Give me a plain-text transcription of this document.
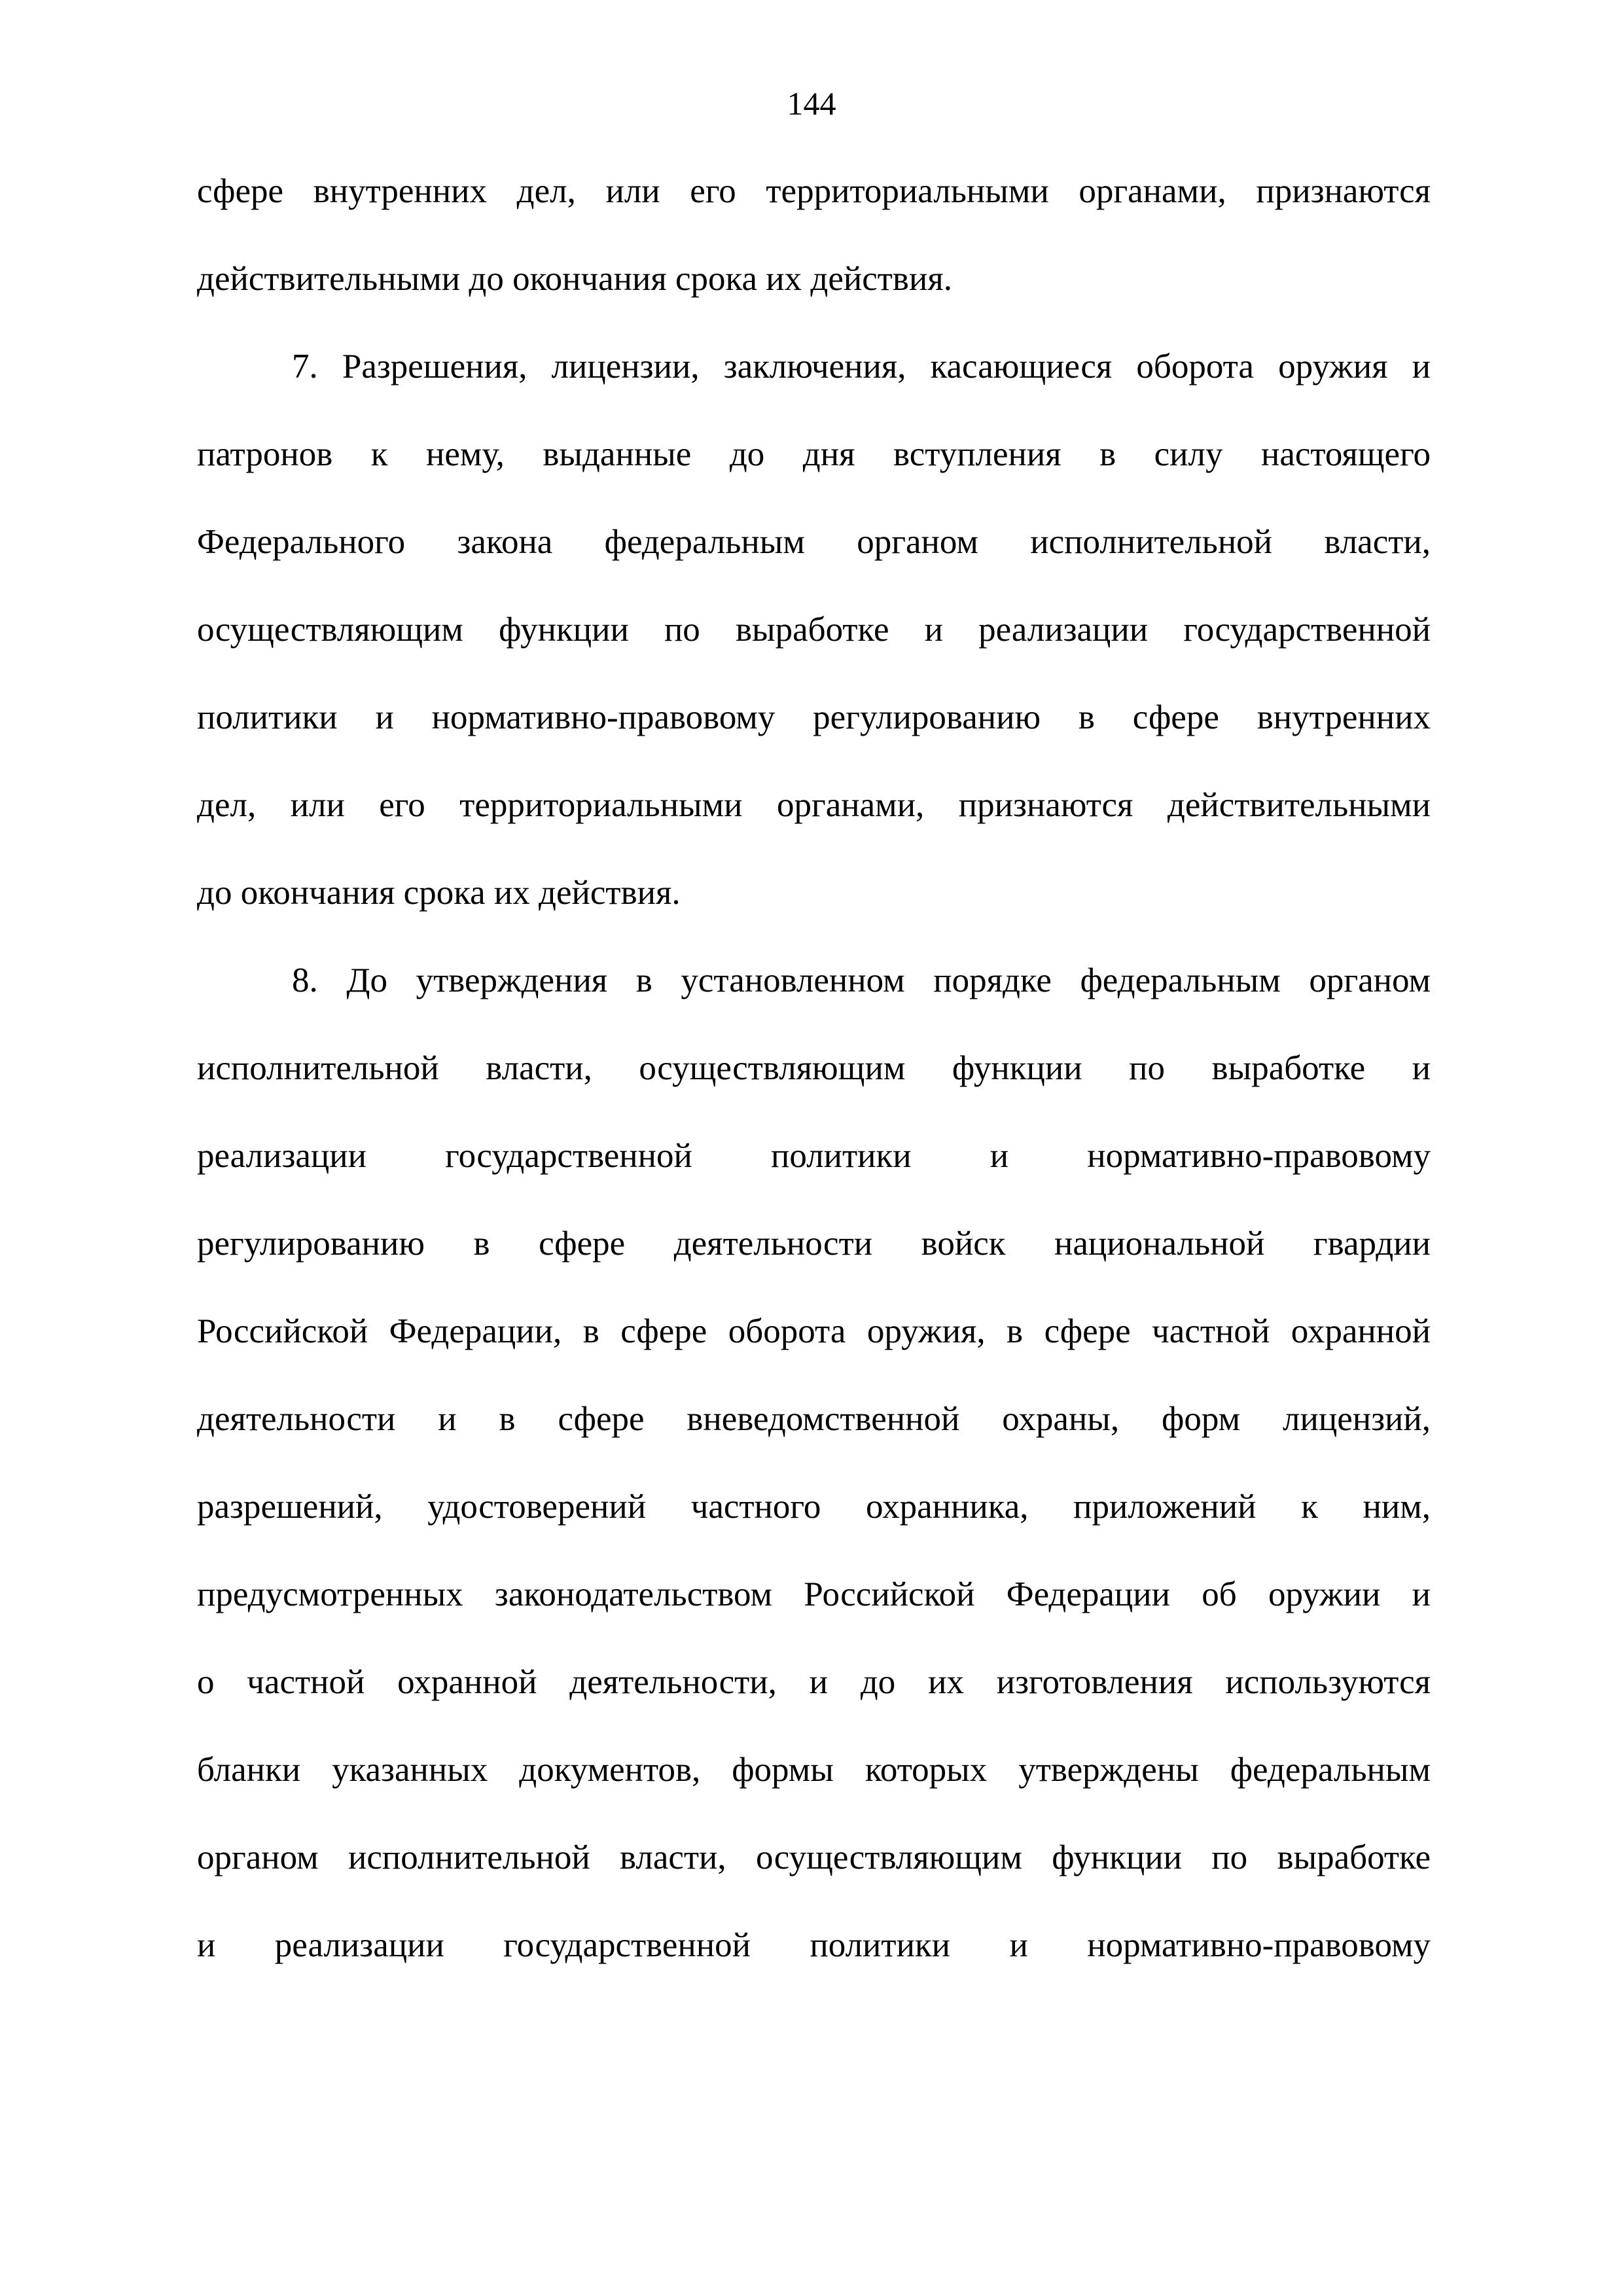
144
сфере внутренних дел, или его территориальными органами, признаются
действительными до окончания срока их действия.
7. Разрешения, лицензии, заключения, касающиеся оборота оружия и
патронов к нему, выданные до дня вступления в силу настоящего
Федерального закона федеральным органом исполнительной власти,
осуществляющим функции по выработке и реализации государственной
политики и нормативно-правовому регулированию в сфере внутренних
дел, или его территориальными органами, признаются действительными
до окончания срока их действия.
8. До утверждения в установленном порядке федеральным органом
исполнительной власти, осуществляющим функции по выработке и
реализации государственной политики и нормативно-правовому
регулированию в сфере деятельности войск национальной гвардии
Российской Федерации, в сфере оборота оружия, в сфере частной охранной
деятельности и в сфере вневедомственной охраны, форм лицензий,
разрешений, удостоверений частного охранника, приложений к ним,
предусмотренных законодательством Российской Федерации об оружии и
о частной охранной деятельности, и до их изготовления используются
бланки указанных документов, формы которых утверждены федеральным
органом исполнительной власти, осуществляющим функции по выработке
и реализации государственной политики и нормативно-правовому
